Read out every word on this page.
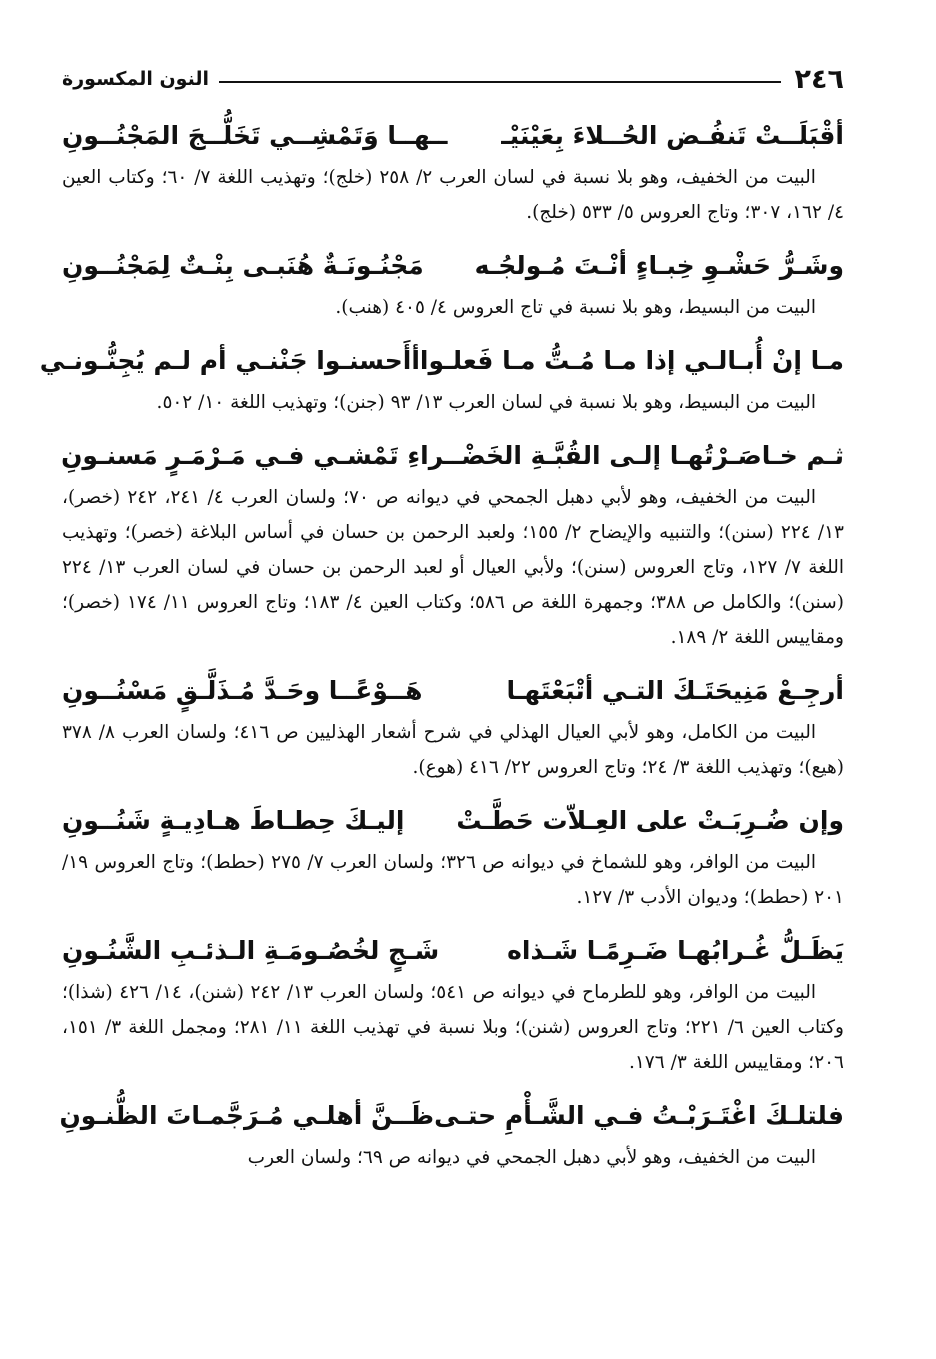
٢٤٦
النون المكسورة
أقْبَلَــتْ تَنفُـض الحُــلاءَ بِعَيْنَيْـ
ــهــا وَتَمْشِــي تَخَلُّــجَ المَجْنُــونِ

البيت من الخفيف، وهو بلا نسبة في لسان العرب ٢/ ٢٥٨ (خلج)؛ وتهذيب اللغة ٧/ ٦٠؛ وكتاب العين ٤/ ١٦٢، ٣٠٧؛ وتاج العروس ٥/ ٥٣٣ (خلج).

وشَـرُّ حَشْـوِ خِبـاءٍ أنْـتَ مُـولجُـه
مَجْنُـونَـةٌ هُنَبـى بِنْـتٌ لِمَجْنُــونِ

البيت من البسيط، وهو بلا نسبة في تاج العروس ٤/ ٤٠٥ (هنب).

مـا إنْ أُبـالـي إذا مـا مُـتُّ مـا فَعلـوا
أأَحسنـوا جَنْنـي أم لـم يُجِنُّـونـي

البيت من البسيط، وهو بلا نسبة في لسان العرب ١٣/ ٩٣ (جنن)؛ وتهذيب اللغة ١٠/ ٥٠٢.

ثـم خـاصَـرْتُهـا إلـى القُبَّـةِ الخَضْـ
ـراءِ تَمْشـي فـي مَـرْمَـرٍ مَسنـونِ

البيت من الخفيف، وهو لأبي دهبل الجمحي في ديوانه ص ٧٠؛ ولسان العرب ٤/ ٢٤١، ٢٤٢ (خصر)، ١٣/ ٢٢٤ (سنن)؛ والتنبيه والإيضاح ٢/ ١٥٥؛ ولعبد الرحمن بن حسان في أساس البلاغة (خصر)؛ وتهذيب اللغة ٧/ ١٢٧، وتاج العروس (سنن)؛ ولأبي العيال أو لعبد الرحمن بن حسان في لسان العرب ١٣/ ٢٢٤ (سنن)؛ والكامل ص ٣٨٨؛ وجمهرة اللغة ص ٥٨٦؛ وكتاب العين ٤/ ١٨٣؛ وتاج العروس ١١/ ١٧٤ (خصر)؛ ومقاييس اللغة ٢/ ١٨٩.

أرجِـعْ مَنِيحَتَـكَ التـي أتْبَعْتَهـا
هَــوْعًــا وحَـدَّ مُـذَلَّـقٍ مَسْنُــونِ

البيت من الكامل، وهو لأبي العيال الهذلي في شرح أشعار الهذليين ص ٤١٦؛ ولسان العرب ٨/ ٣٧٨ (هيع)؛ وتهذيب اللغة ٣/ ٢٤؛ وتاج العروس ٢٢/ ٤١٦ (هوع).

وإن ضُـرِبَـتْ على العِـلاّت حَطَّـتْ
إليـكَ حِطـاطَ هـادِيـةٍ شَنُــونِ

البيت من الوافر، وهو للشماخ في ديوانه ص ٣٢٦؛ ولسان العرب ٧/ ٢٧٥ (حطط)؛ وتاج العروس ١٩/ ٢٠١ (حطط)؛ وديوان الأدب ٣/ ١٢٧.

يَظَـلُّ غُـرابُهـا ضَـرِمًـا شَـذاه
شَـجٍ لخُصُـومَـةِ الـذئـبِ الشَّنُـونِ

البيت من الوافر، وهو للطرماح في ديوانه ص ٥٤١؛ ولسان العرب ١٣/ ٢٤٢ (شنن)، ١٤/ ٤٢٦ (شذا)؛ وكتاب العين ٦/ ٢٢١؛ وتاج العروس (شنن)؛ وبلا نسبة في تهذيب اللغة ١١/ ٢٨١؛ ومجمل اللغة ٣/ ١٥١، ٢٠٦؛ ومقاييس اللغة ٣/ ١٧٦.

فلتلـكَ اغْتَـرَبْـتُ فـي الشَّـأْمِ حتـى
ظَــنَّ أهلـي مُـرَجَّمـاتَ الظُّنـونِ

البيت من الخفيف، وهو لأبي دهبل الجمحي في ديوانه ص ٦٩؛ ولسان العرب
